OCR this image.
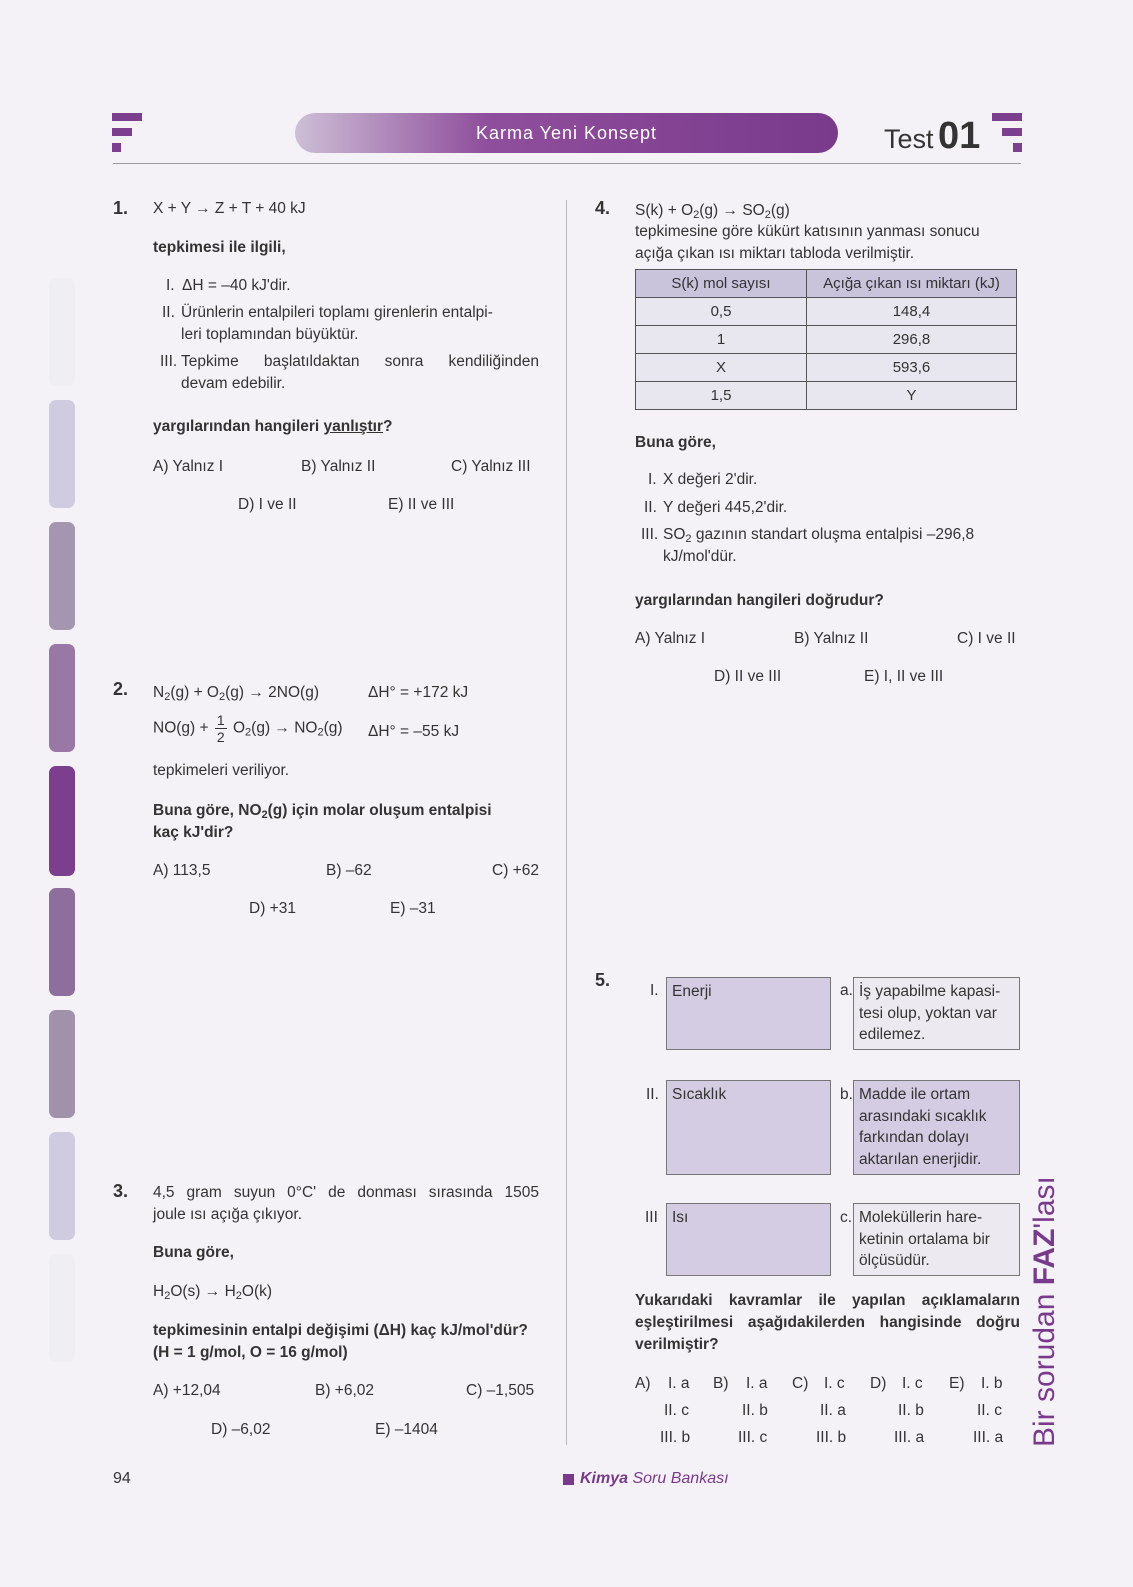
Karma Yeni Konsept	Test 01
1. X + Y → Z + T + 40 kJ
tepkimesi ile ilgili,
I. ΔH = –40 kJ'dir.
II. Ürünlerin entalpileri toplamı girenlerin entalpi-
leri toplamından büyüktür.
III. Tepkime başlatıldaktan sonra kendiliğinden
devam edebilir.
yargılarından hangileri yanlıştır?
A) Yalnız I	B) Yalnız II	C) Yalnız III
D) I ve II	E) II ve III
2. $N_2(g) + O_2(g) \to 2NO(g)$	ΔH° = +172 kJ
$NO(g) + \frac{1}{2} O_2(g) \to NO_2(g) \Delta H^\circ = -55$ kJ
tepkimeleri veriliyor.
Buna göre, $NO_2(g)$ için molar oluşum entalpisi
kaç kJ'dir?
A) 113,5	B) –62	C) +62
D) +31	E) –31
3. 4,5 gram suyun 0°C' de donması sırasında 1505
joule ısı açığa çıkıyor.
Buna göre,
$H_2O(s) \to H_2O(k)$
tepkimesinin entalpi değişimi (ΔH) kaç kJ/mol'dür?
(H = 1 g/mol, O = 16 g/mol)
A) +12,04	B) +6,02	C) –1,505
D) –6,02	E) –1404
4. $S(k) + O_2(g) \to SO_2(g)$
tepkimesine göre kükürt katısının yanması sonucu
açığa çıkan ısı miktarı tabloda verilmiştir.
S(k) mol sayısı	Açığa çıkan ısı miktarı (kJ)
0,5	148,4
1	296,8
X	593,6
1,5	Y
Buna göre,
I. X değeri 2'dir.
II. Y değeri 445,2'dir.
III. $SO_2$ gazının standart oluşma entalpisi –296,8
kJ/mol'dür.
yargılarından hangileri doğrudur?
A) Yalnız I	B) Yalnız II	C) I ve II
D) II ve III	E) I, II ve III
5.
I. Enerji	a. İş yapabilme kapasi-tesi olup, yoktan var edilemez.
II. Sıcaklık	b. Madde ile ortam arasındaki sıcaklık farkından dolayı aktarılan enerjidir.
III Isı	c. Moleküllerin hare-ketinin ortalama bir ölçüsüdür.
Yukarıdaki kavramlar ile yapılan açıklamaların
eşleştirilmesi aşağıdakilerden hangisinde doğru
verilmiştir?
A)	I. a
II. c
III. b
B)	I. a
II. b
III. c
C)	I. c
II. a
III. b
D)	I. c
II. b
III. a
E)	I. b
II. c
III. a Bir sorudan FAZ'lası
94	Kimya Soru Bankası
